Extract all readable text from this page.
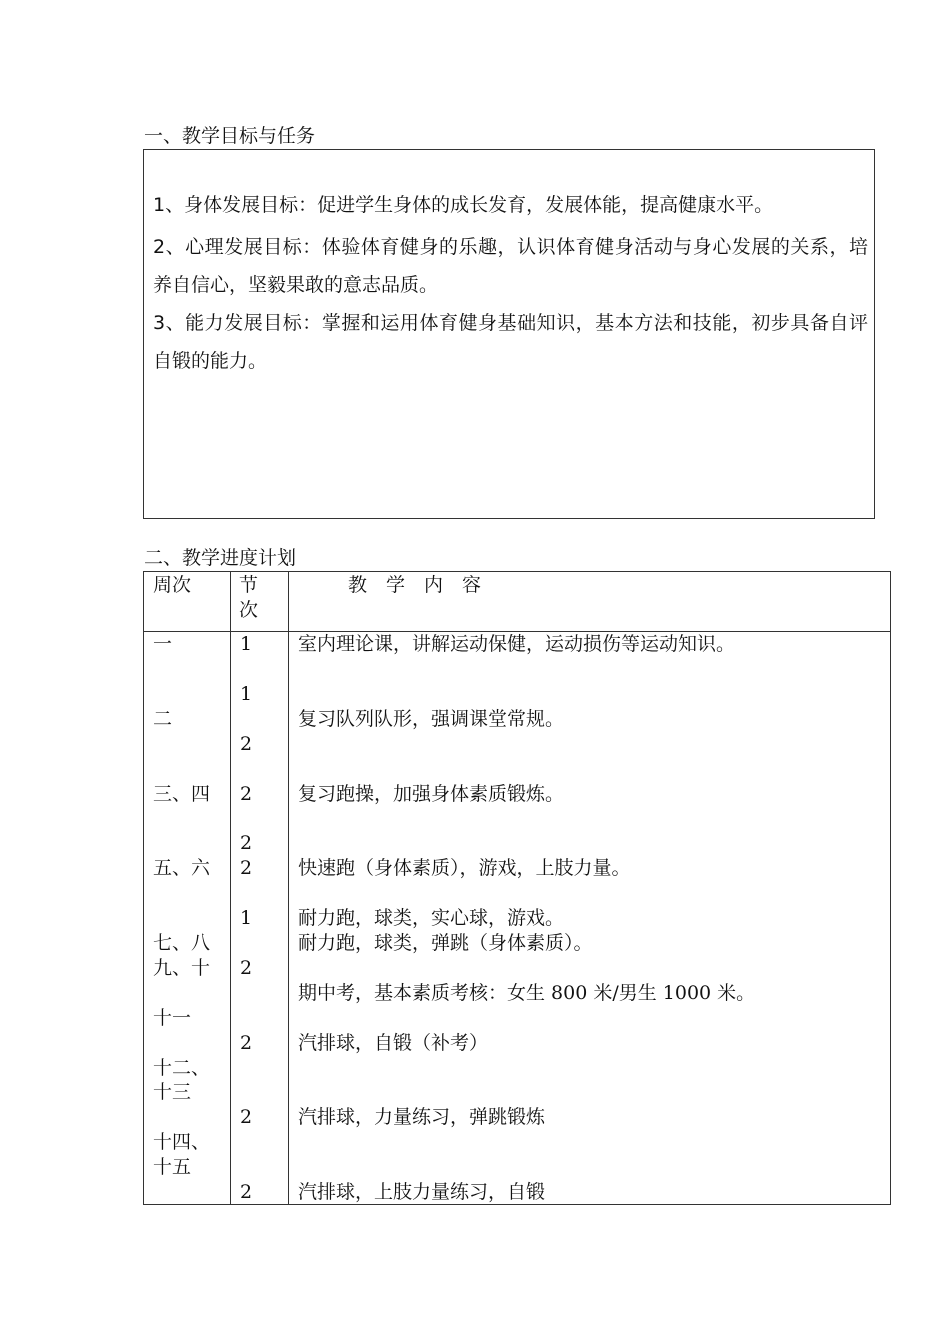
一、教学目标与任务

1、身体发展目标：促进学生身体的成长发育，发展体能，提高健康水平。

2、心理发展目标：体验体育健身的乐趣，认识体育健身活动与身心发展的关系，培养自信心，坚毅果敢的意志品质。

3、能力发展目标：掌握和运用体育健身基础知识，基本方法和技能，初步具备自评自锻的能力。

二、教学进度计划
周次	节
次
教　学　内　容
一
二
三、四
五、六
七、八
九、十
十一
十二、
十三
十四、
十五
1
1
2
2
2
2
1
2
2
2
2
室内理论课，讲解运动保健，运动损伤等运动知识。
复习队列队形，强调课堂常规。
复习跑操，加强身体素质锻炼。
快速跑（身体素质），游戏，上肢力量。
耐力跑，球类，实心球，游戏。
耐力跑，球类，弹跳（身体素质）。
期中考，基本素质考核：女生 800 米/男生 1000 米。
汽排球，自锻（补考）
汽排球，力量练习，弹跳锻炼
汽排球，上肢力量练习，自锻
